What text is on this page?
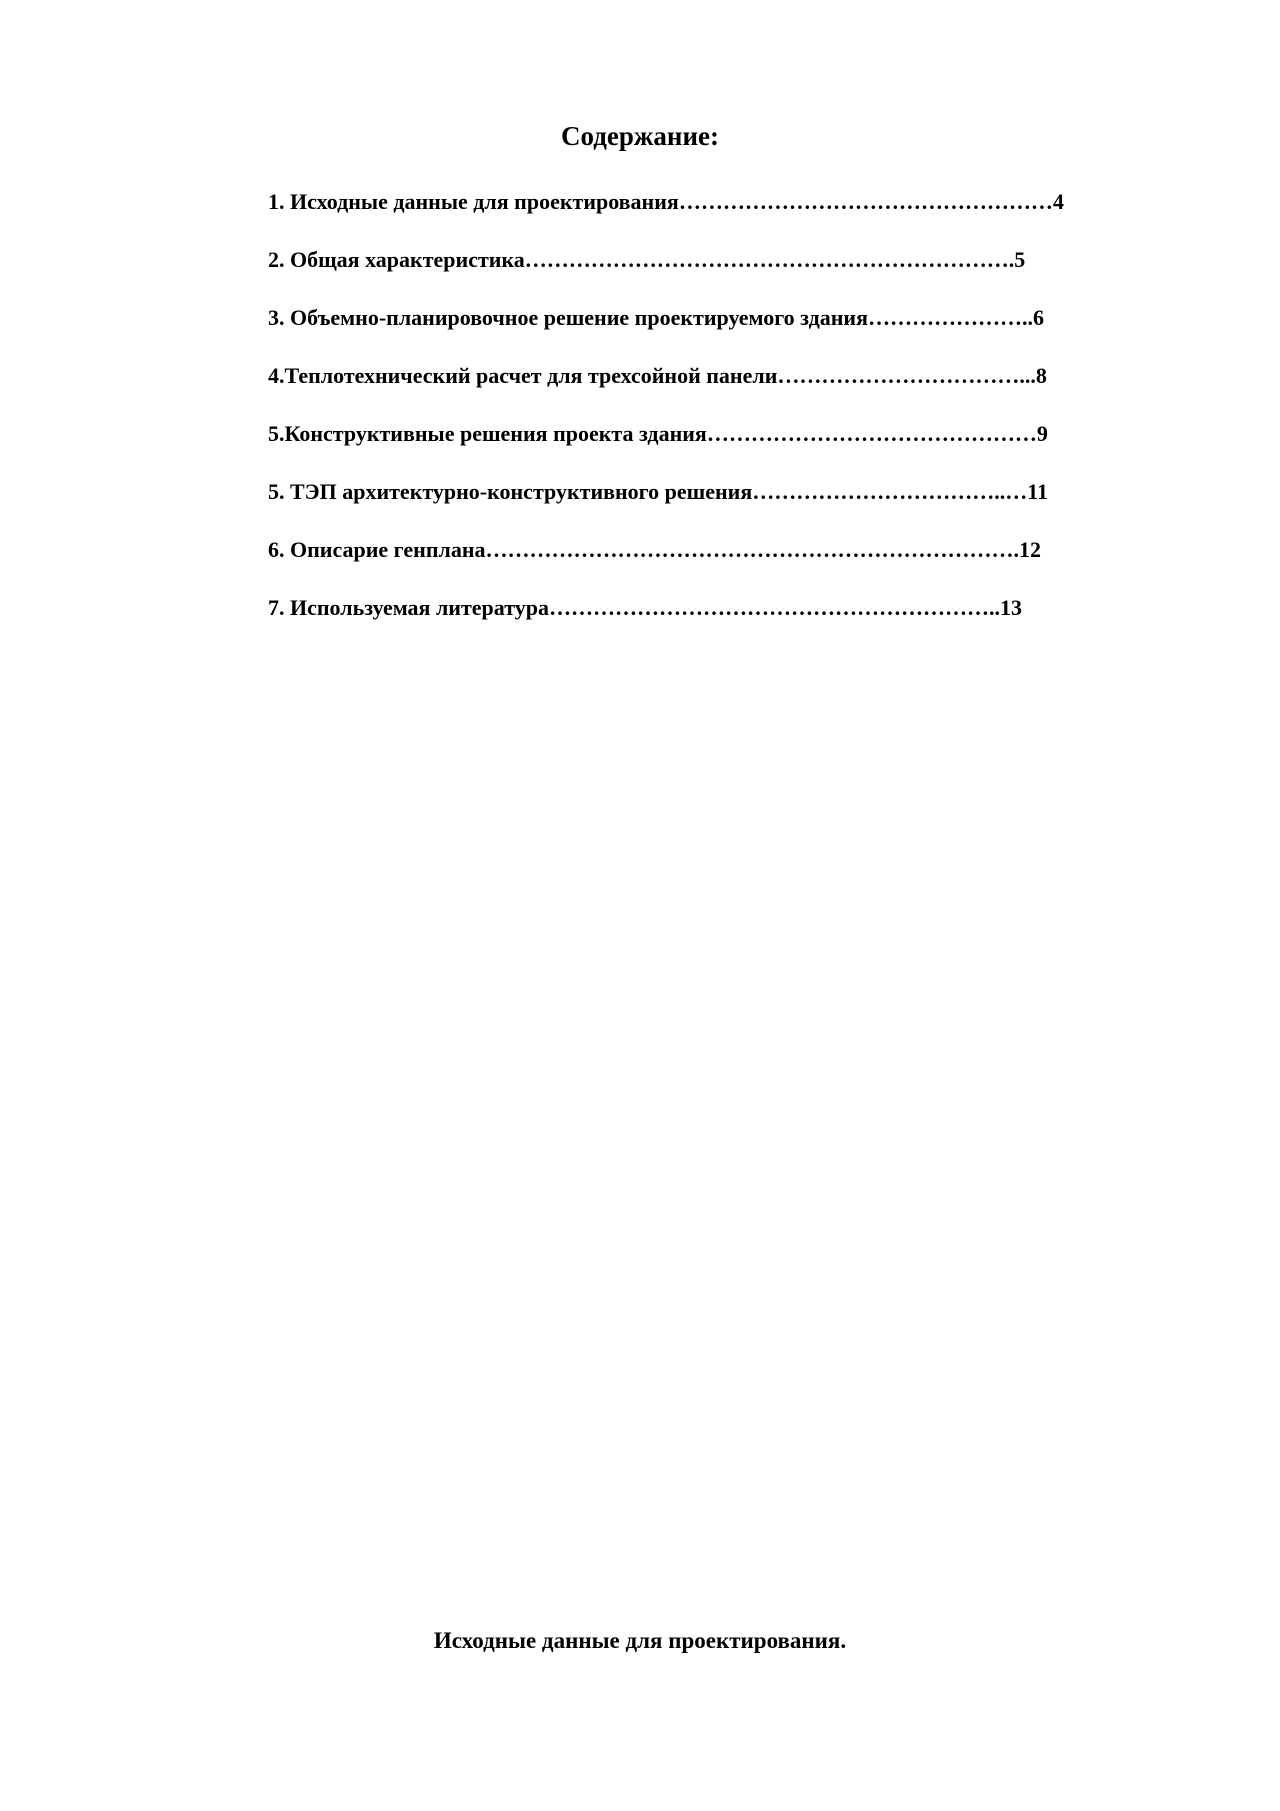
Содержание:
1. Исходные данные для проектирования……………………………………………4
2. Общая характеристика………………………………………………………….5
3. Объемно-планировочное решение проектируемого здания…………………..6
4.Теплотехнический расчет для трехсойной панели……………………………...8
5.Конструктивные решения проекта здания………………………………………9
5. ТЭП архитектурно-конструктивного решения……………………………..…11
6. Описарие генплана……………………………………………………………….12
7. Используемая литература……………………………………………………..13
Исходные данные для проектирования.
